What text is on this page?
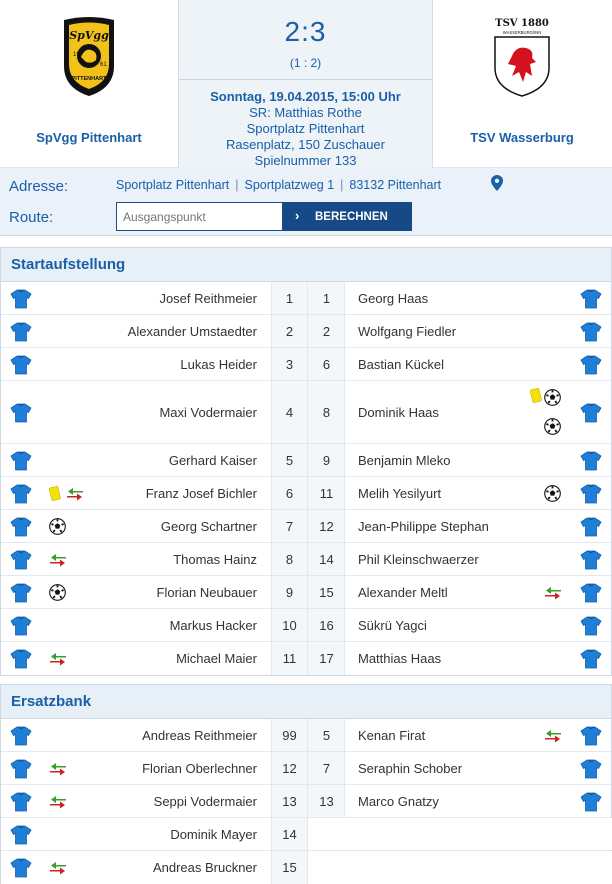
SpVgg
19
61
PITTENHART
SpVgg Pittenhart
2:3
(1 : 2)
Sonntag, 19.04.2015, 15:00 Uhr
SR: Matthias Rothe
Sportplatz Pittenhart
Rasenplatz, 150 Zuschauer
Spielnummer 133
TSV 1880
WASSERBURG/INN
TSV Wasserburg
Adresse:	Sportplatz Pittenhart | Sportplatzweg 1 | 83132 Pittenhart
Route:
Ausgangspunkt	› BERECHNEN
Startaufstellung
Josef Reithmeier	1	1	Georg Haas
Alexander Umstaedter	2	2	Wolfgang Fiedler
Lukas Heider	3	6	Bastian Kückel
Maxi Vodermaier	4	8	Dominik Haas
Gerhard Kaiser	5	9	Benjamin Mleko
Franz Josef Bichler	6	11	Melih Yesilyurt
Georg Schartner	7	12	Jean-Philippe Stephan
Thomas Hainz	8	14	Phil Kleinschwaerzer
Florian Neubauer	9	15	Alexander Meltl
Markus Hacker	10	16	Sükrü Yagci
Michael Maier	11	17	Matthias Haas
Ersatzbank
Andreas Reithmeier	99	5	Kenan Firat
Florian Oberlechner	12	7	Seraphin Schober
Seppi Vodermaier	13	13	Marco Gnatzy
Dominik Mayer	14
Andreas Bruckner	15
